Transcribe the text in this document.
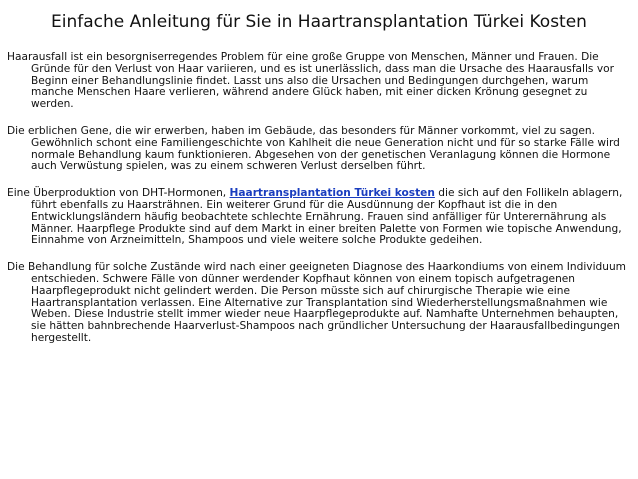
Einfache Anleitung für Sie in Haartransplantation Türkei Kosten

Haarausfall ist ein besorgniserregendes Problem für eine große Gruppe von Menschen, Männer und Frauen. Die Gründe für den Verlust von Haar variieren, und es ist unerlässlich, dass man die Ursache des Haarausfalls vor Beginn einer Behandlungslinie findet. Lasst uns also die Ursachen und Bedingungen durchgehen, warum manche Menschen Haare verlieren, während andere Glück haben, mit einer dicken Krönung gesegnet zu werden.

Die erblichen Gene, die wir erwerben, haben im Gebäude, das besonders für Männer vorkommt, viel zu sagen. Gewöhnlich schont eine Familiengeschichte von Kahlheit die neue Generation nicht und für so starke Fälle wird normale Behandlung kaum funktionieren. Abgesehen von der genetischen Veranlagung können die Hormone auch Verwüstung spielen, was zu einem schweren Verlust derselben führt.

Eine Überproduktion von DHT-Hormonen, Haartransplantation Türkei kosten die sich auf den Follikeln ablagern, führt ebenfalls zu Haarsträhnen. Ein weiterer Grund für die Ausdünnung der Kopfhaut ist die in den Entwicklungsländern häufig beobachtete schlechte Ernährung. Frauen sind anfälliger für Unterernährung als Männer. Haarpflege Produkte sind auf dem Markt in einer breiten Palette von Formen wie topische Anwendung, Einnahme von Arzneimitteln, Shampoos und viele weitere solche Produkte gedeihen.

Die Behandlung für solche Zustände wird nach einer geeigneten Diagnose des Haarkondiums von einem Individuum entschieden. Schwere Fälle von dünner werdender Kopfhaut können von einem topisch aufgetragenen Haarpflegeprodukt nicht gelindert werden. Die Person müsste sich auf chirurgische Therapie wie eine Haartransplantation verlassen. Eine Alternative zur Transplantation sind Wiederherstellungsmaßnahmen wie Weben. Diese Industrie stellt immer wieder neue Haarpflegeprodukte auf. Namhafte Unternehmen behaupten, sie hätten bahnbrechende Haarverlust-Shampoos nach gründlicher Untersuchung der Haarausfallbedingungen hergestellt.
